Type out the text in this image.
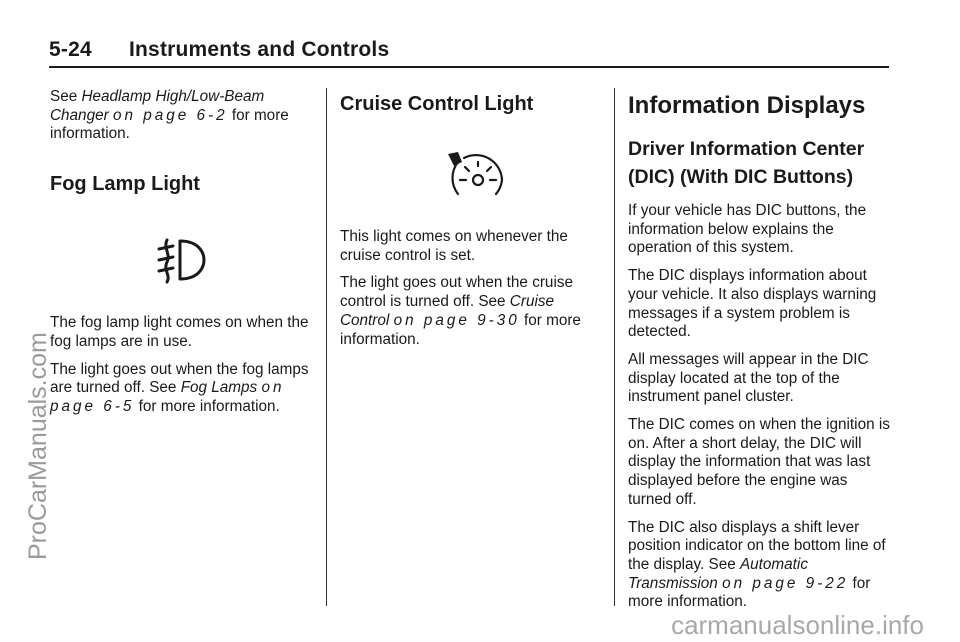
5-24 Instruments and Controls

See Headlamp High/Low-Beam Changer on page 6-2 for more information.

Fog Lamp Light

The fog lamp light comes on when the fog lamps are in use.

The light goes out when the fog lamps are turned off. See Fog Lamps on page 6-5 for more information.

Cruise Control Light

This light comes on whenever the cruise control is set.

The light goes out when the cruise control is turned off. See Cruise Control on page 9-30 for more information.

Information Displays
Driver Information Center (DIC) (With DIC Buttons)

If your vehicle has DIC buttons, the information below explains the operation of this system.

The DIC displays information about your vehicle. It also displays warning messages if a system problem is detected.

All messages will appear in the DIC display located at the top of the instrument panel cluster.

The DIC comes on when the ignition is on. After a short delay, the DIC will display the information that was last displayed before the engine was turned off.

The DIC also displays a shift lever position indicator on the bottom line of the display. See Automatic Transmission on page 9-22 for more information.

ProCarManuals.com
carmanualsonline.info
